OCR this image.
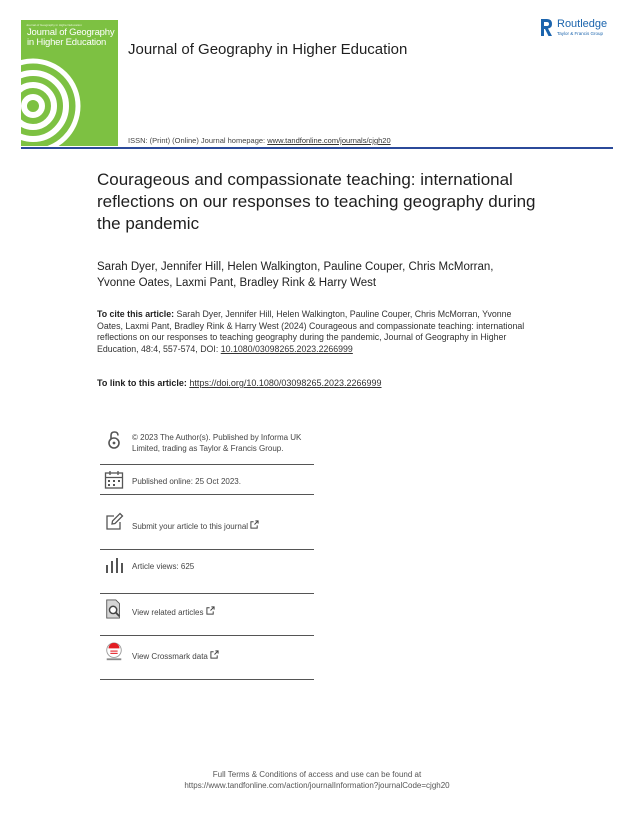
Journal of Geography in Higher Education
Journal of Geography in Higher Education
Routledge
Journal of Geography in Higher Education
Routledge
Taylor & Francis Group
ISSN: (Print) (Online) Journal homepage: www.tandfonline.com/journals/cjgh20
Courageous and compassionate teaching: international reflections on our responses to teaching geography during the pandemic
Sarah Dyer, Jennifer Hill, Helen Walkington, Pauline Couper, Chris McMorran, Yvonne Oates, Laxmi Pant, Bradley Rink & Harry West
To cite this article: Sarah Dyer, Jennifer Hill, Helen Walkington, Pauline Couper, Chris McMorran, Yvonne Oates, Laxmi Pant, Bradley Rink & Harry West (2024) Courageous and compassionate teaching: international reflections on our responses to teaching geography during the pandemic, Journal of Geography in Higher Education, 48:4, 557-574, DOI: 10.1080/03098265.2023.2266999
To link to this article: https://doi.org/10.1080/03098265.2023.2266999
© 2023 The Author(s). Published by Informa UK Limited, trading as Taylor & Francis Group.
Published online: 25 Oct 2023.
Submit your article to this journal
Article views: 625
View related articles
View Crossmark data
Full Terms & Conditions of access and use can be found at
https://www.tandfonline.com/action/journalInformation?journalCode=cjgh20
